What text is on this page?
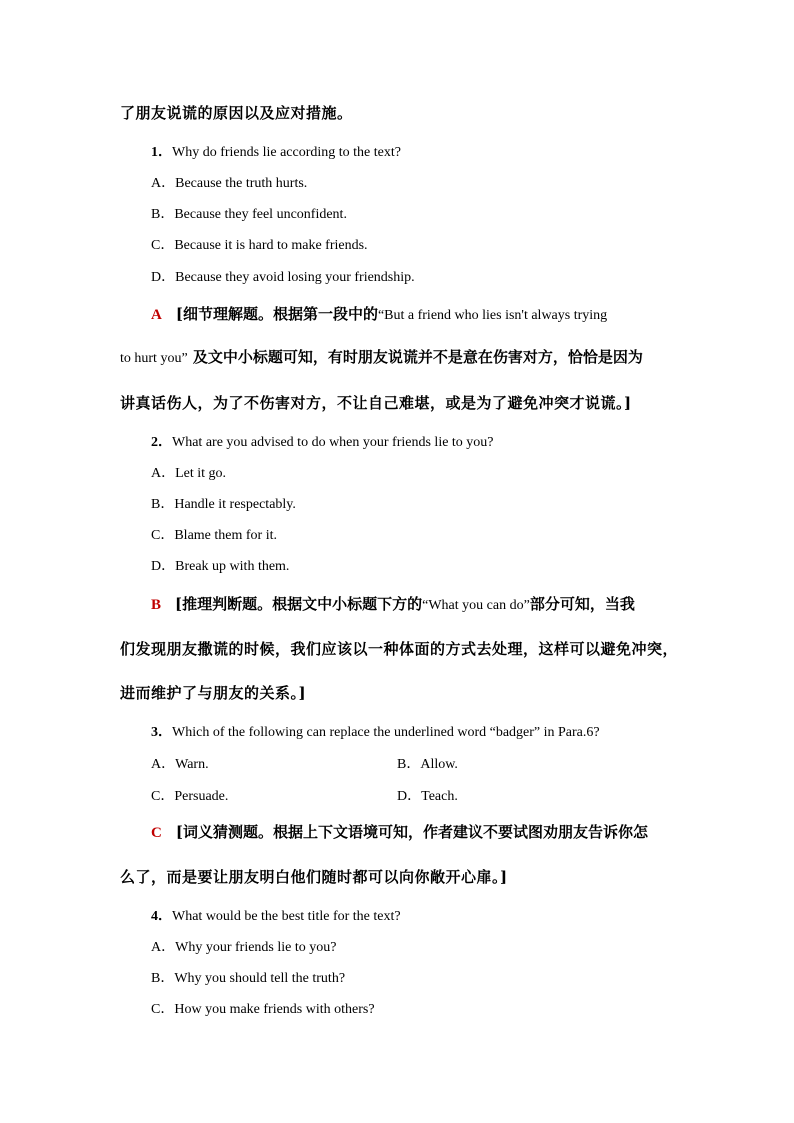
了朋友说谎的原因以及应对措施。
1．Why do friends lie according to the text?
A．Because the truth hurts.
B．Because they feel unconfident.
C．Because it is hard to make friends.
D．Because they avoid losing your friendship.
A [细节理解题。根据第一段中的“But a friend who lies isn't always trying
to hurt you” 及文中小标题可知，有时朋友说谎并不是意在伤害对方，恰恰是因为
讲真话伤人，为了不伤害对方，不让自己难堪，或是为了避免冲突才说谎。]
2．What are you advised to do when your friends lie to you?
A．Let it go.
B．Handle it respectably.
C．Blame them for it.
D．Break up with them.
B [推理判断题。根据文中小标题下方的“What you can do”部分可知，当我
们发现朋友撒谎的时候，我们应该以一种体面的方式去处理，这样可以避免冲突，
进而维护了与朋友的关系。]
3．Which of the following can replace the underlined word “badger” in Para.6?
A．Warn.	B．Allow.
C．Persuade.	D．Teach.
C [词义猜测题。根据上下文语境可知，作者建议不要试图劝朋友告诉你怎
么了，而是要让朋友明白他们随时都可以向你敞开心扉。]
4．What would be the best title for the text?
A．Why your friends lie to you?
B．Why you should tell the truth?
C．How you make friends with others?
